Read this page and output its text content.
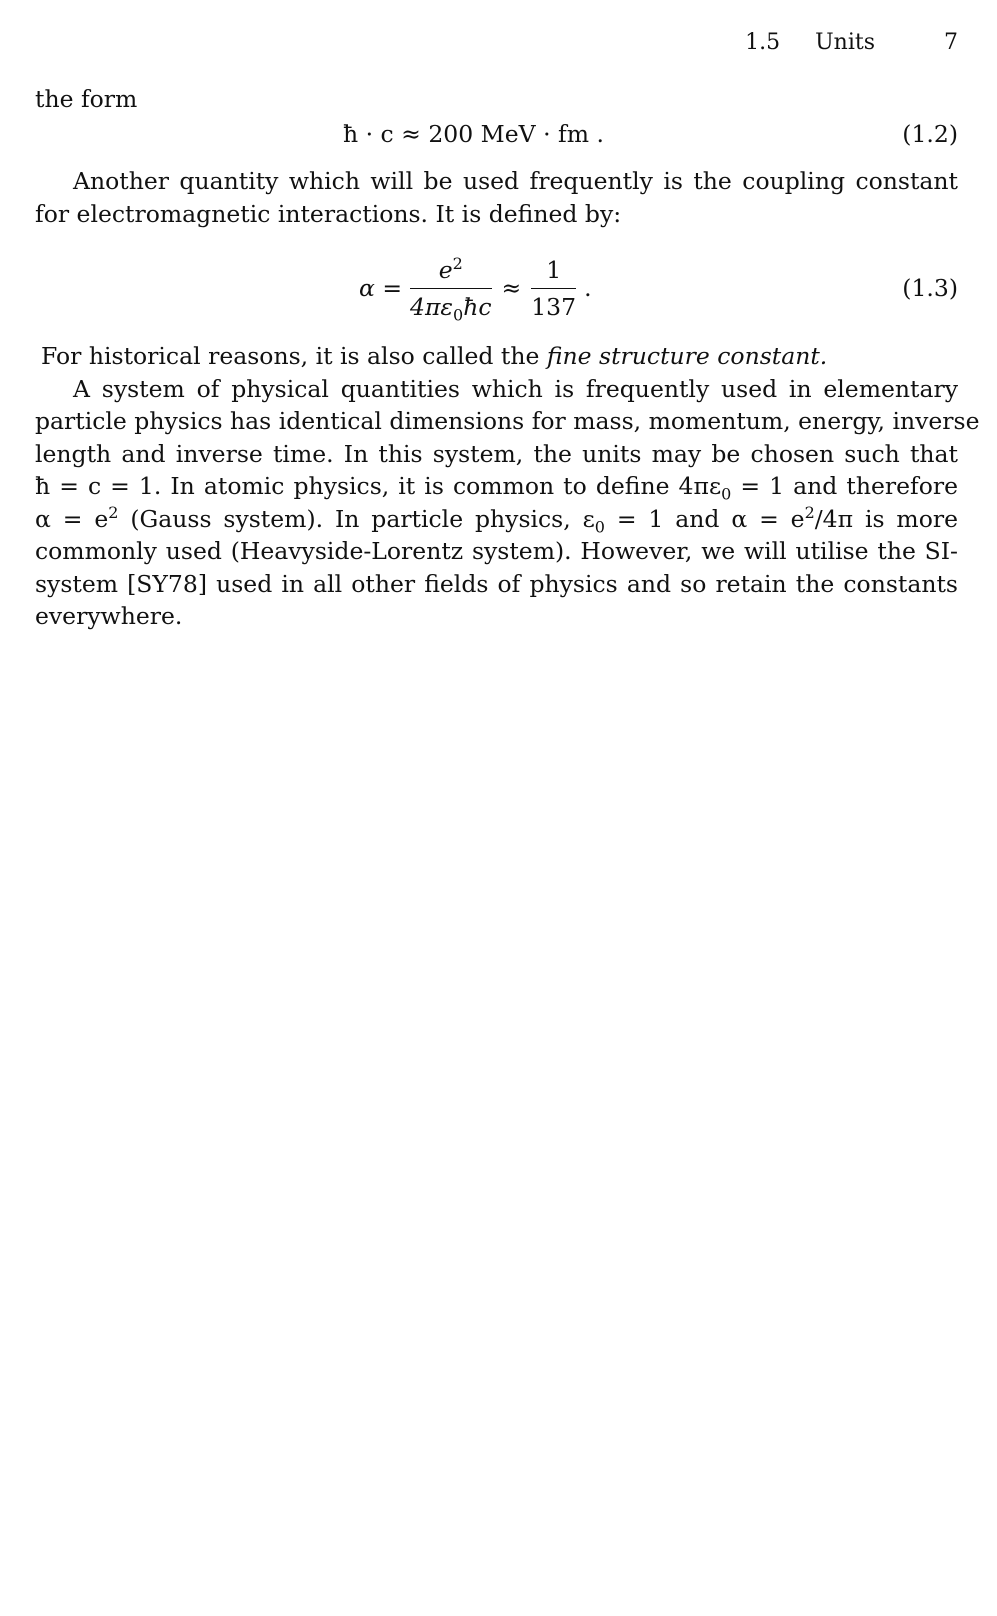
1.5 Units	7

the form

ħ · c ≈ 200 MeV · fm .	(1.2)
Another quantity which will be used frequently is the coupling constant
for electromagnetic interactions. It is defined by:
$\alpha = \frac{e^2}{4\pi\varepsilon_0ħc} \approx \frac{1}{137}$ .	(1.3)
For historical reasons, it is also called the fine structure constant.
A system of physical quantities which is frequently used in elementary
particle physics has identical dimensions for mass, momentum, energy, inverse
length and inverse time. In this system, the units may be chosen such that
ħ = c = 1. In atomic physics, it is common to define $4\pi\varepsilon_0 = 1$ and therefore
$\alpha = e^2$ (Gauss system). In particle physics, $\varepsilon_0 = 1$ and $\alpha = e^2/4\pi$ is more
commonly used (Heavyside-Lorentz system). However, we will utilise the SI-
system [SY78] used in all other fields of physics and so retain the constants
everywhere.
